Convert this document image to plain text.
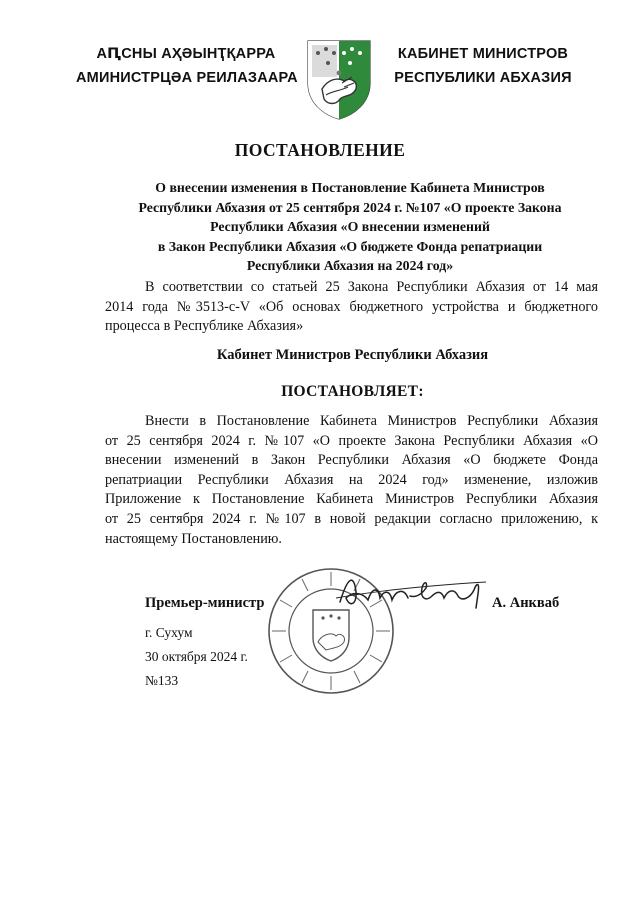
АԤСНЫ АҲӘЫНҬҚАРРА
АМИНИСТРЦӘА РЕИЛАЗААРА
КАБИНЕТ МИНИСТРОВ
РЕСПУБЛИКИ АБХАЗИЯ
ПОСТАНОВЛЕНИЕ
О внесении изменения в Постановление Кабинета Министров
Республики Абхазия от 25 сентября 2024 г. №107 «О проекте Закона
Республики Абхазия «О внесении изменений
в Закон Республики Абхазия «О бюджете Фонда репатриации
Республики Абхазия на 2024 год»
В соответствии со статьей 25 Закона Республики Абхазия от 14 мая
2014 года №3513-с-V «Об основах бюджетного устройства и бюджетного
процесса в Республике Абхазия»
Кабинет Министров Республики Абхазия
ПОСТАНОВЛЯЕТ:
Внести в Постановление Кабинета Министров Республики Абхазия
от 25 сентября 2024 г. №107 «О проекте Закона Республики Абхазия «О
внесении изменений в Закон Республики Абхазия «О бюджете Фонда
репатриации Республики Абхазия на 2024 год» изменение, изложив
Приложение к Постановление Кабинета Министров Республики Абхазия
от 25 сентября 2024 г. №107 в новой редакции согласно приложению, к
настоящему Постановлению.
Премьер-министр	А. Анкваб
г. Сухум
30 октября 2024 г.
№133
